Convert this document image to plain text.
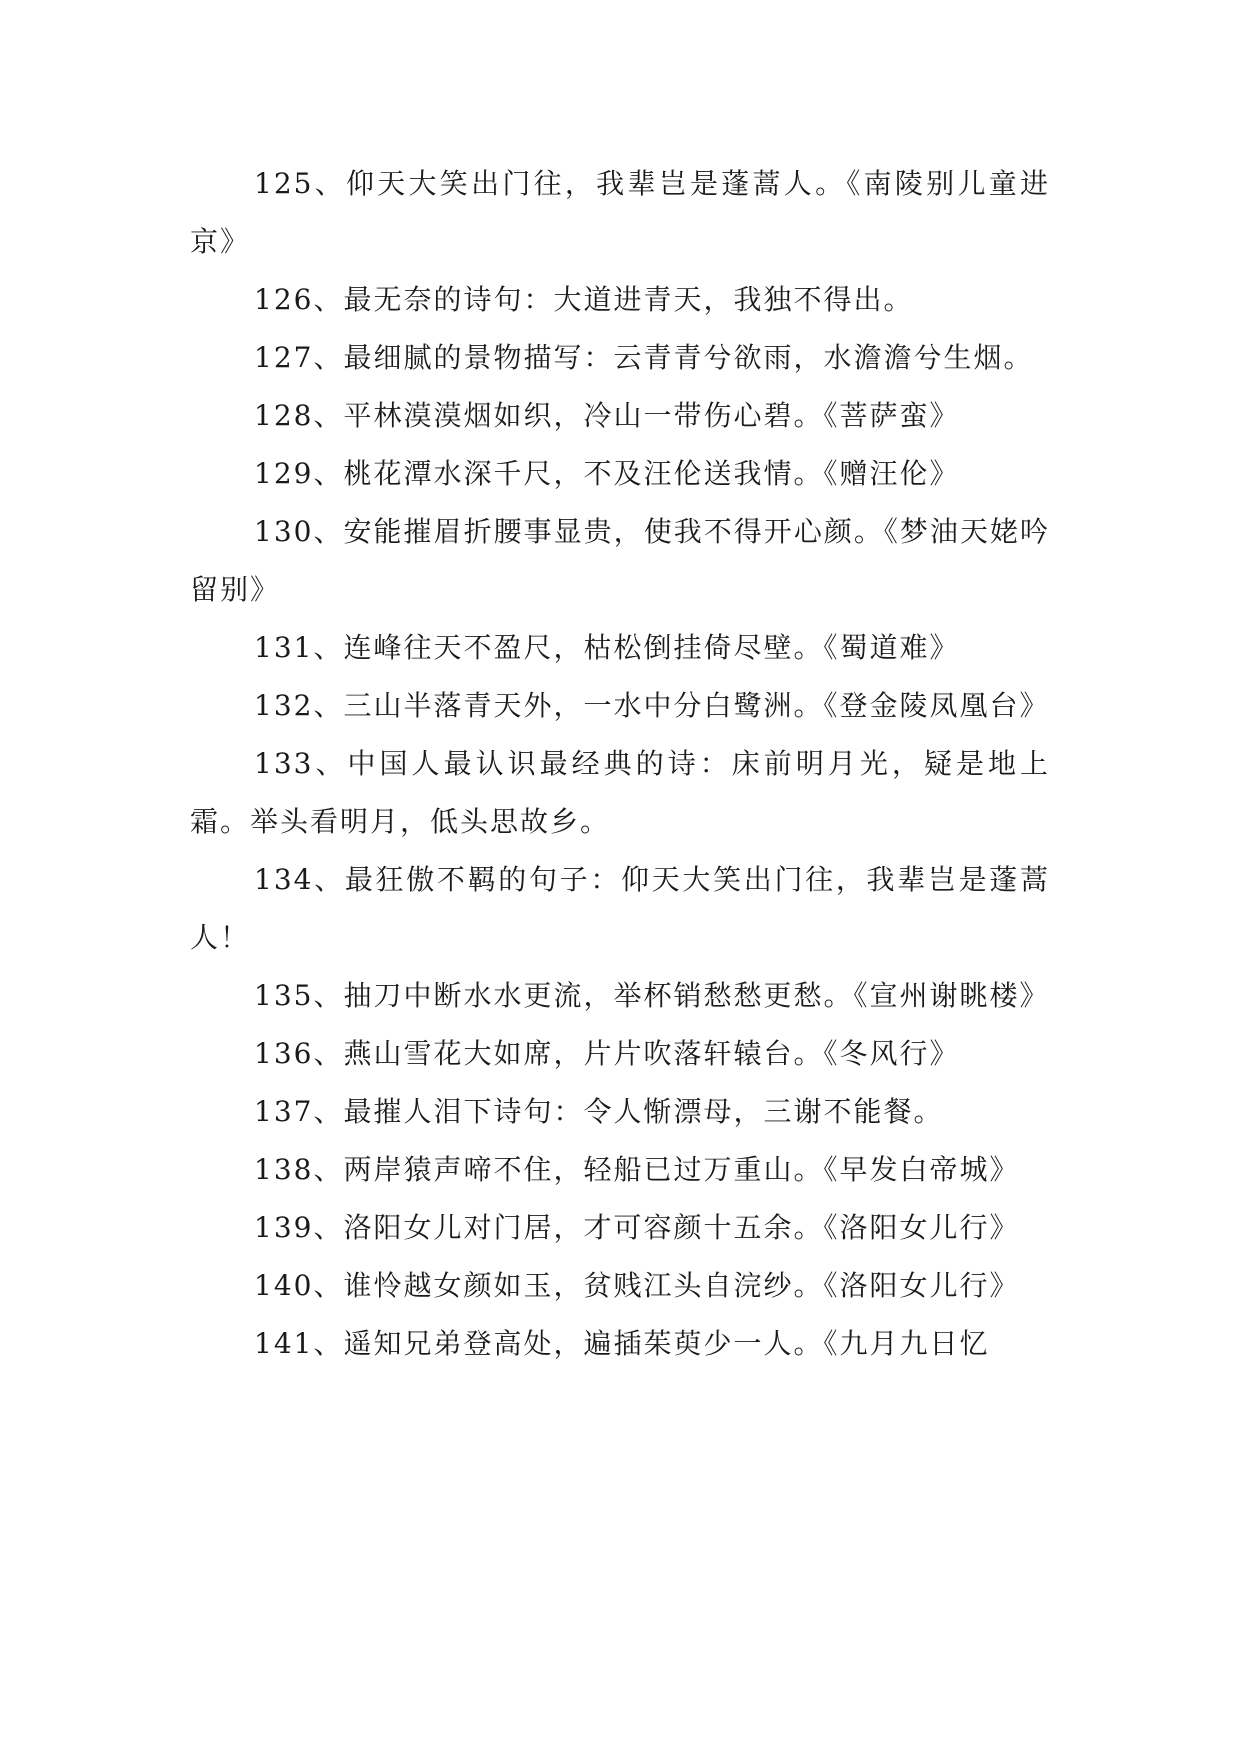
125、仰天大笑出门往，我辈岂是蓬蒿人。《南陵别儿童进京》

126、最无奈的诗句：大道进青天，我独不得出。

127、最细腻的景物描写：云青青兮欲雨，水澹澹兮生烟。

128、平林漠漠烟如织，冷山一带伤心碧。《菩萨蛮》

129、桃花潭水深千尺，不及汪伦送我情。《赠汪伦》

130、安能摧眉折腰事显贵，使我不得开心颜。《梦油天姥吟留别》

131、连峰往天不盈尺，枯松倒挂倚尽壁。《蜀道难》

132、三山半落青天外，一水中分白鹭洲。《登金陵凤凰台》

133、中国人最认识最经典的诗：床前明月光，疑是地上霜。举头看明月，低头思故乡。

134、最狂傲不羁的句子：仰天大笑出门往，我辈岂是蓬蒿人！

135、抽刀中断水水更流，举杯销愁愁更愁。《宣州谢眺楼》

136、燕山雪花大如席，片片吹落轩辕台。《冬风行》

137、最摧人泪下诗句：令人惭漂母，三谢不能餐。

138、两岸猿声啼不住，轻船已过万重山。《早发白帝城》

139、洛阳女儿对门居，才可容颜十五余。《洛阳女儿行》

140、谁怜越女颜如玉，贫贱江头自浣纱。《洛阳女儿行》

141、遥知兄弟登高处，遍插茱萸少一人。《九月九日忆
